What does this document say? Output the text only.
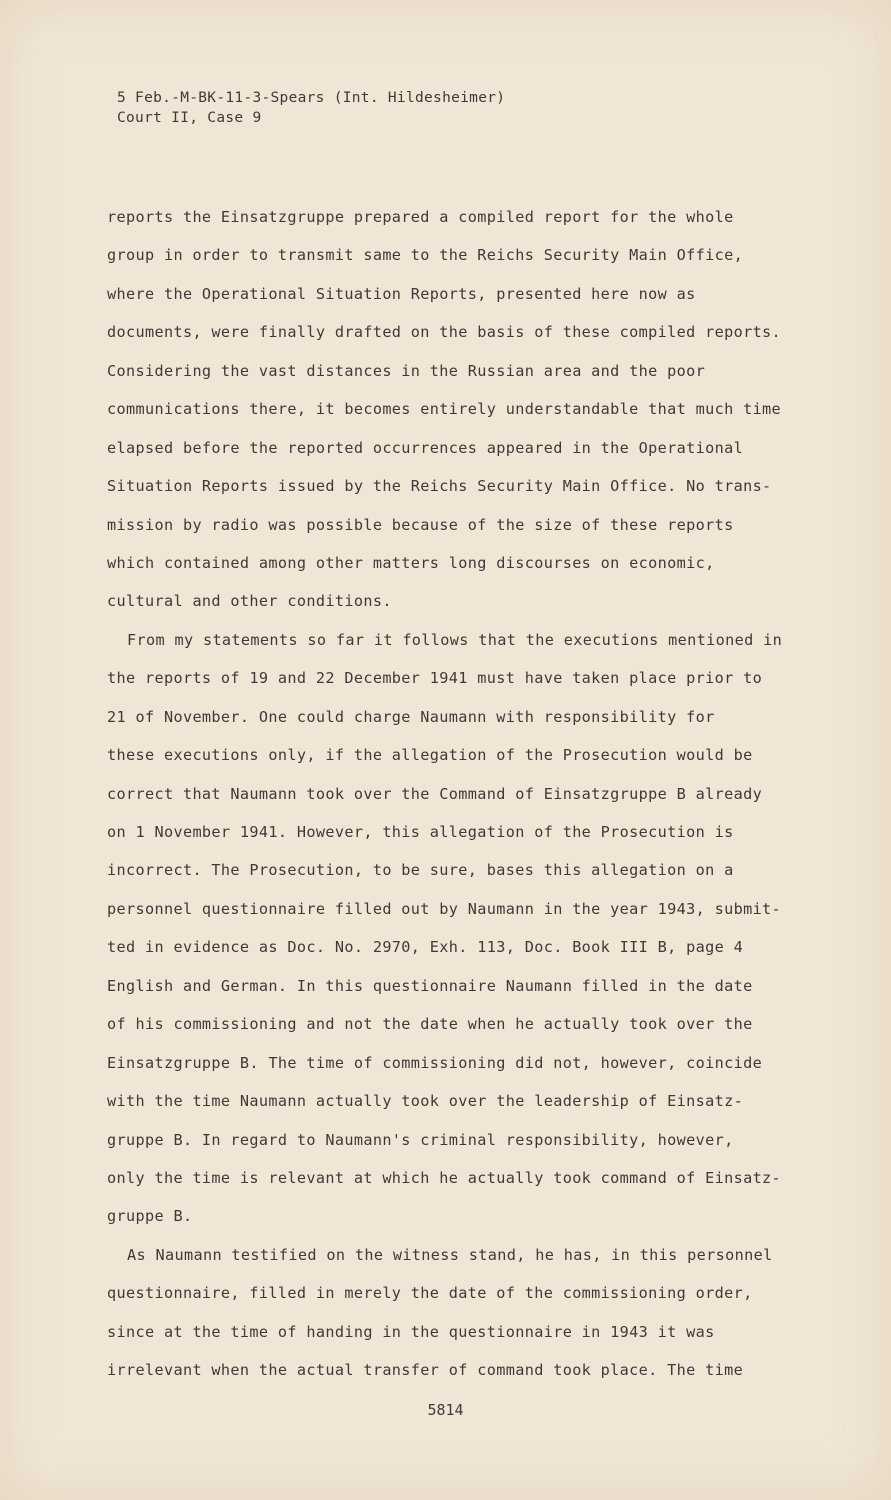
5 Feb.-M-BK-11-3-Spears (Int. Hildesheimer)
Court II, Case 9
reports the Einsatzgruppe prepared a compiled report for the whole
group in order to transmit same to the Reichs Security Main Office,
where the Operational Situation Reports, presented here now as
documents, were finally drafted on the basis of these compiled reports.
Considering the vast distances in the Russian area and the poor
communications there, it becomes entirely understandable that much time
elapsed before the reported occurrences appeared in the Operational
Situation Reports issued by the Reichs Security Main Office. No trans-
mission by radio was possible because of the size of these reports
which contained among other matters long discourses on economic,
cultural and other conditions.
From my statements so far it follows that the executions mentioned in
the reports of 19 and 22 December 1941 must have taken place prior to
21 of November. One could charge Naumann with responsibility for
these executions only, if the allegation of the Prosecution would be
correct that Naumann took over the Command of Einsatzgruppe B already
on 1 November 1941. However, this allegation of the Prosecution is
incorrect. The Prosecution, to be sure, bases this allegation on a
personnel questionnaire filled out by Naumann in the year 1943, submit-
ted in evidence as Doc. No. 2970, Exh. 113, Doc. Book III B, page 4
English and German. In this questionnaire Naumann filled in the date
of his commissioning and not the date when he actually took over the
Einsatzgruppe B. The time of commissioning did not, however, coincide
with the time Naumann actually took over the leadership of Einsatz-
gruppe B. In regard to Naumann's criminal responsibility, however,
only the time is relevant at which he actually took command of Einsatz-
gruppe B.
As Naumann testified on the witness stand, he has, in this personnel
questionnaire, filled in merely the date of the commissioning order,
since at the time of handing in the questionnaire in 1943 it was
irrelevant when the actual transfer of command took place. The time
5814
